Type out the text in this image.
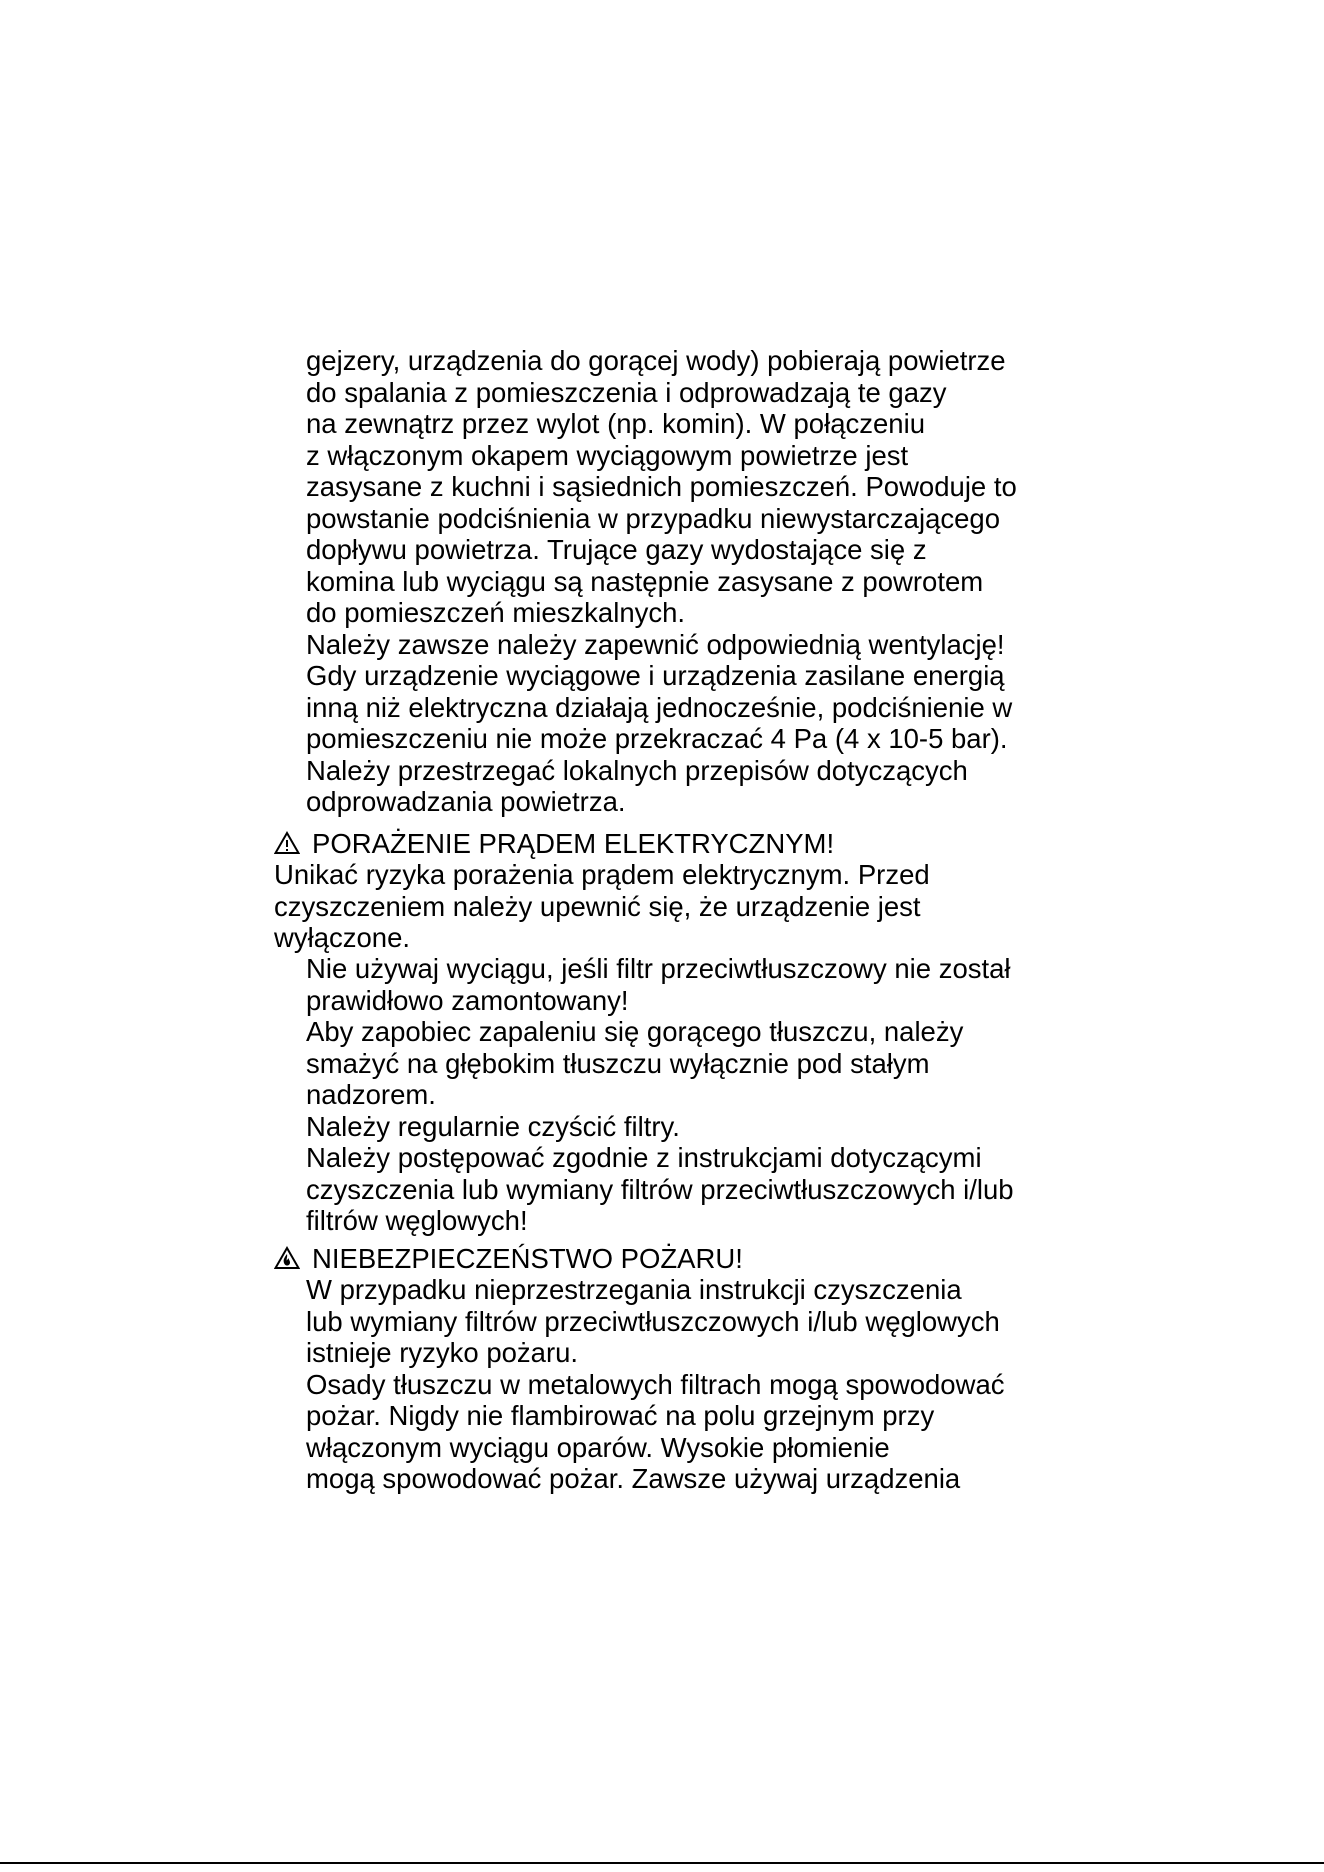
gejzery, urządzenia do gorącej wody) pobierają powietrze
do spalania z pomieszczenia i odprowadzają te gazy
na zewnątrz przez wylot (np. komin). W połączeniu
z włączonym okapem wyciągowym powietrze jest
zasysane z kuchni i sąsiednich pomieszczeń. Powoduje to
powstanie podciśnienia w przypadku niewystarczającego
dopływu powietrza. Trujące gazy wydostające się z
komina lub wyciągu są następnie zasysane z powrotem
do pomieszczeń mieszkalnych.
Należy zawsze należy zapewnić odpowiednią wentylację!
Gdy urządzenie wyciągowe i urządzenia zasilane energią
inną niż elektryczna działają jednocześnie, podciśnienie w
pomieszczeniu nie może przekraczać 4 Pa (4 x 10-5 bar).
Należy przestrzegać lokalnych przepisów dotyczących
odprowadzania powietrza.
PORAŻENIE PRĄDEM ELEKTRYCZNYM!
Unikać ryzyka porażenia prądem elektrycznym. Przed
czyszczeniem należy upewnić się, że urządzenie jest
wyłączone.
Nie używaj wyciągu, jeśli filtr przeciwtłuszczowy nie został
prawidłowo zamontowany!
Aby zapobiec zapaleniu się gorącego tłuszczu, należy
smażyć na głębokim tłuszczu wyłącznie pod stałym
nadzorem.
Należy regularnie czyścić filtry.
Należy postępować zgodnie z instrukcjami dotyczącymi
czyszczenia lub wymiany filtrów przeciwtłuszczowych i/lub
filtrów węglowych!
NIEBEZPIECZEŃSTWO POŻARU!
W przypadku nieprzestrzegania instrukcji czyszczenia
lub wymiany filtrów przeciwtłuszczowych i/lub węglowych
istnieje ryzyko pożaru.
Osady tłuszczu w metalowych filtrach mogą spowodować
pożar. Nigdy nie flambirować na polu grzejnym przy
włączonym wyciągu oparów. Wysokie płomienie
mogą spowodować pożar. Zawsze używaj urządzenia
